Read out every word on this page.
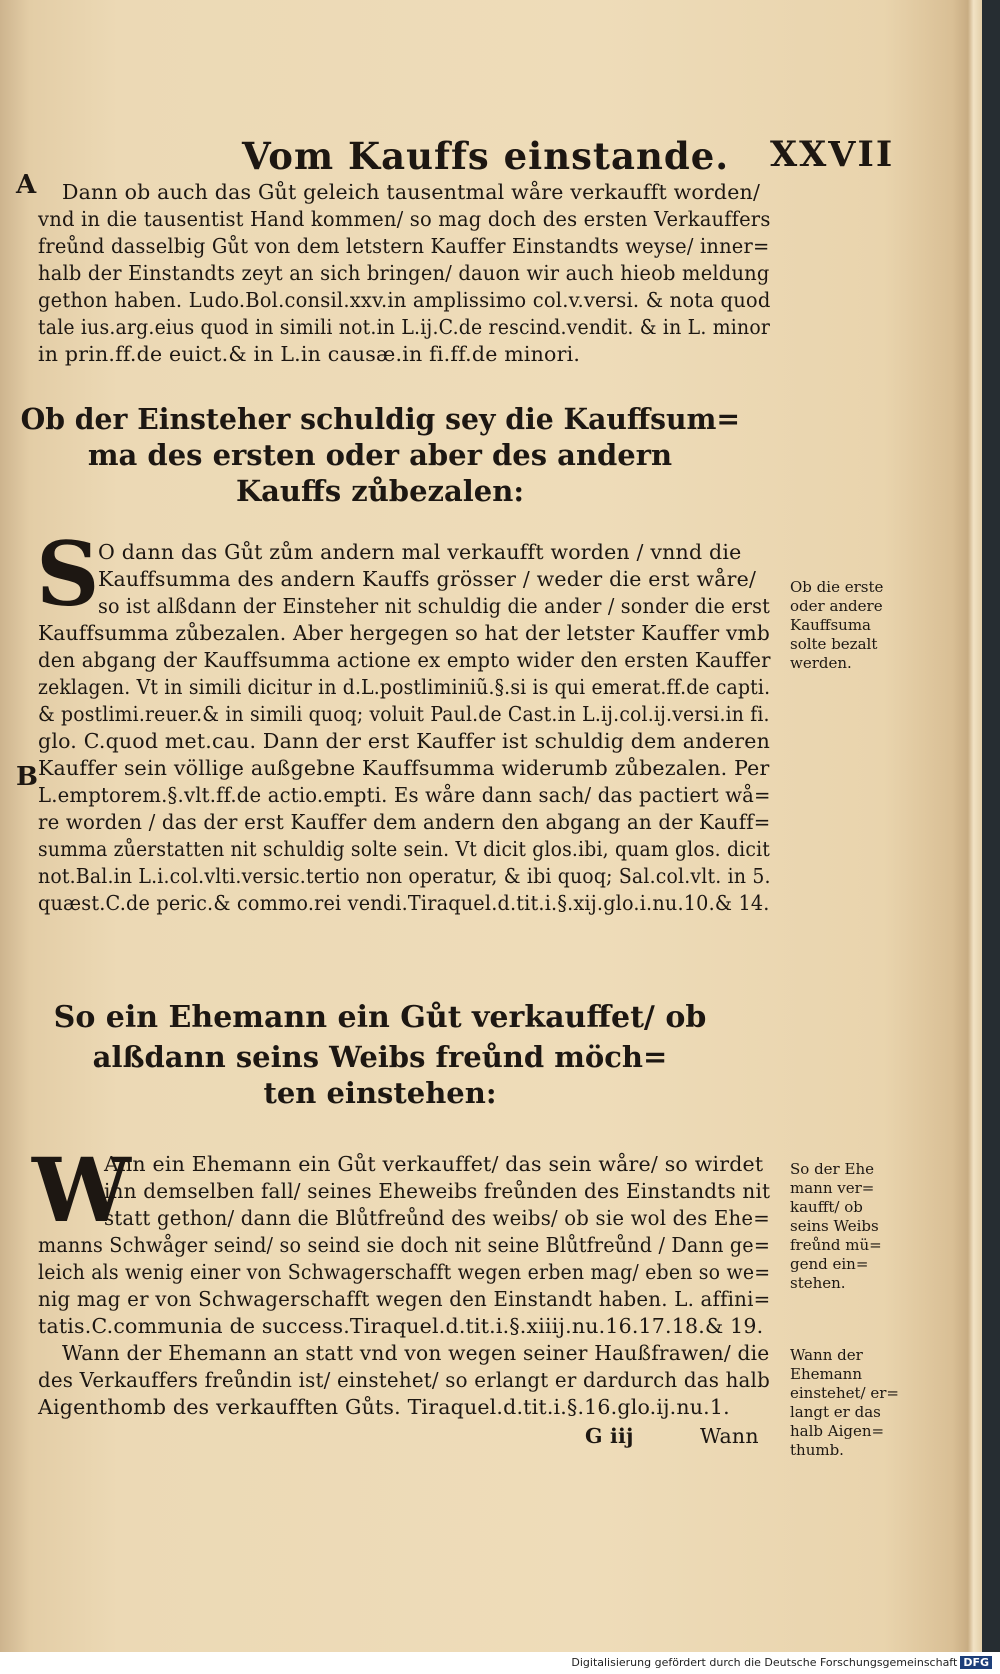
Vom Kauffs einstande. XXVII
A
B
Dann ob auch das Gůt geleich tausentmal wåre verkaufft worden/
vnd in die tausentist Hand kommen/ so mag doch des ersten Verkauffers
freůnd dasselbig Gůt von dem letstern Kauffer Einstandts weyse/ inner=
halb der Einstandts zeyt an sich bringen/ dauon wir auch hieob meldung
gethon haben. Ludo.Bol.consil.xxv.in amplissimo col.v.versi. & nota quod
tale ius.arg.eius quod in simili not.in L.ij.C.de rescind.vendit. & in L. minor
in prin.ff.de euict.& in L.in causæ.in fi.ff.de minori.
Ob der Einsteher schuldig sey die Kauffsum=
ma des ersten oder aber des andern
Kauffs zůbezalen:
S
O dann das Gůt zům andern mal verkaufft worden / vnnd die
Kauffsumma des andern Kauffs grösser / weder die erst wåre/
so ist alßdann der Einsteher nit schuldig die ander / sonder die erst
Kauffsumma zůbezalen. Aber hergegen so hat der letster Kauffer vmb
den abgang der Kauffsumma actione ex empto wider den ersten Kauffer
zeklagen. Vt in simili dicitur in d.L.postliminiũ.§.si is qui emerat.ff.de capti.
& postlimi.reuer.& in simili quoq; voluit Paul.de Cast.in L.ij.col.ij.versi.in fi.
glo. C.quod met.cau. Dann der erst Kauffer ist schuldig dem anderen
Kauffer sein völlige außgebne Kauffsumma widerumb zůbezalen. Per
L.emptorem.§.vlt.ff.de actio.empti. Es wåre dann sach/ das pactiert wå=
re worden / das der erst Kauffer dem andern den abgang an der Kauff=
summa zůerstatten nit schuldig solte sein. Vt dicit glos.ibi, quam glos. dicit
not.Bal.in L.i.col.vlti.versic.tertio non operatur, & ibi quoq; Sal.col.vlt. in 5.
quæst.C.de peric.& commo.rei vendi.Tiraquel.d.tit.i.§.xij.glo.i.nu.10.& 14.
Ob die erste
oder andere
Kauffsuma
solte bezalt
werden.
So ein Ehemann ein Gůt verkauffet/ ob
alßdann seins Weibs freůnd möch=
ten einstehen:
W
Ann ein Ehemann ein Gůt verkauffet/ das sein wåre/ so wirdet
inn demselben fall/ seines Eheweibs freůnden des Einstandts nit
statt gethon/ dann die Blůtfreůnd des weibs/ ob sie wol des Ehe=
manns Schwåger seind/ so seind sie doch nit seine Blůtfreůnd / Dann ge=
leich als wenig einer von Schwagerschafft wegen erben mag/ eben so we=
nig mag er von Schwagerschafft wegen den Einstandt haben. L. affini=
tatis.C.communia de success.Tiraquel.d.tit.i.§.xiiij.nu.16.17.18.& 19.
Wann der Ehemann an statt vnd von wegen seiner Haußfrawen/ die
des Verkauffers freůndin ist/ einstehet/ so erlangt er dardurch das halb
Aigenthomb des verkaufften Gůts. Tiraquel.d.tit.i.§.16.glo.ij.nu.1.
So der Ehe
mann ver=
kaufft/ ob
seins Weibs
freůnd mü=
gend ein=
stehen.
Wann der
Ehemann
einstehet/ er=
langt er das
halb Aigen=
thumb.
G iij	Wann
Digitalisierung gefördert durch die Deutsche Forschungsgemeinschaft DFG
